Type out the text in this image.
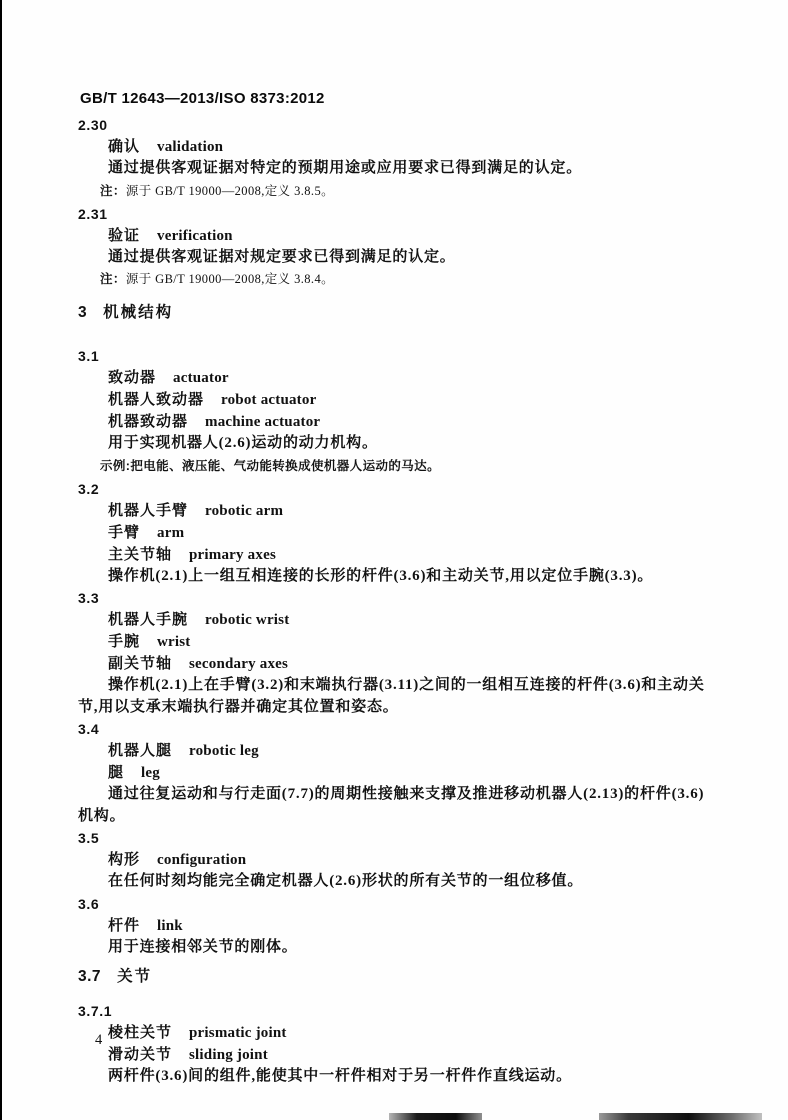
GB/T 12643—2013/ISO 8373:2012
2.30
确认 validation
通过提供客观证据对特定的预期用途或应用要求已得到满足的认定。
注：源于 GB/T 19000—2008,定义 3.8.5。
2.31
验证 verification
通过提供客观证据对规定要求已得到满足的认定。
注：源于 GB/T 19000—2008,定义 3.8.4。
3 机械结构
3.1
致动器 actuator
机器人致动器 robot actuator
机器致动器 machine actuator
用于实现机器人(2.6)运动的动力机构。
示例:把电能、液压能、气动能转换成使机器人运动的马达。
3.2
机器人手臂 robotic arm
手臂 arm
主关节轴 primary axes
操作机(2.1)上一组互相连接的长形的杆件(3.6)和主动关节,用以定位手腕(3.3)。
3.3
机器人手腕 robotic wrist
手腕 wrist
副关节轴 secondary axes
操作机(2.1)上在手臂(3.2)和末端执行器(3.11)之间的一组相互连接的杆件(3.6)和主动关节,用以支承末端执行器并确定其位置和姿态。
3.4
机器人腿 robotic leg
腿 leg
通过往复运动和与行走面(7.7)的周期性接触来支撑及推进移动机器人(2.13)的杆件(3.6)机构。
3.5
构形 configuration
在任何时刻均能完全确定机器人(2.6)形状的所有关节的一组位移值。
3.6
杆件 link
用于连接相邻关节的刚体。
3.7 关节
3.7.1
棱柱关节 prismatic joint
滑动关节 sliding joint
两杆件(3.6)间的组件,能使其中一杆件相对于另一杆件作直线运动。
4
